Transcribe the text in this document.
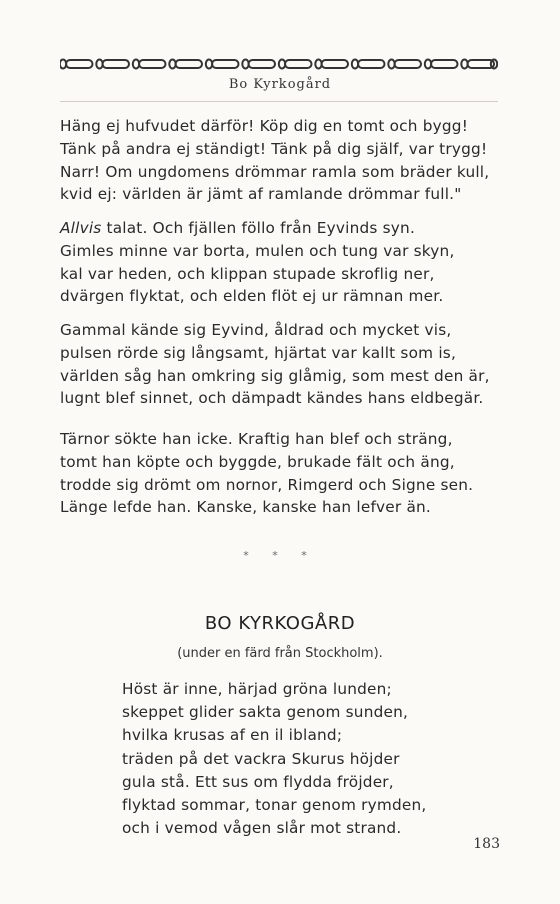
Bo Kyrkogård
Häng ej hufvudet därför! Köp dig en tomt och bygg!
Tänk på andra ej ständigt! Tänk på dig själf, var trygg!
Narr! Om ungdomens drömmar ramla som bräder kull,
kvid ej: världen är jämt af ramlande drömmar full."
Allvis talat. Och fjällen föllo från Eyvinds syn.
Gimles minne var borta, mulen och tung var skyn,
kal var heden, och klippan stupade skroflig ner,
dvärgen flyktat, och elden flöt ej ur rämnan mer.
Gammal kände sig Eyvind, åldrad och mycket vis,
pulsen rörde sig långsamt, hjärtat var kallt som is,
världen såg han omkring sig glåmig, som mest den är,
lugnt blef sinnet, och dämpadt kändes hans eldbegär.
Tärnor sökte han icke. Kraftig han blef och sträng,
tomt han köpte och byggde, brukade fält och äng,
trodde sig drömt om nornor, Rimgerd och Signe sen.
Länge lefde han. Kanske, kanske han lefver än.
* * *
BO KYRKOGÅRD
(under en färd från Stockholm).
Höst är inne, härjad gröna lunden;
skeppet glider sakta genom sunden,
hvilka krusas af en il ibland;
träden på det vackra Skurus höjder
gula stå. Ett sus om flydda fröjder,
flyktad sommar, tonar genom rymden,
och i vemod vågen slår mot strand.
183
